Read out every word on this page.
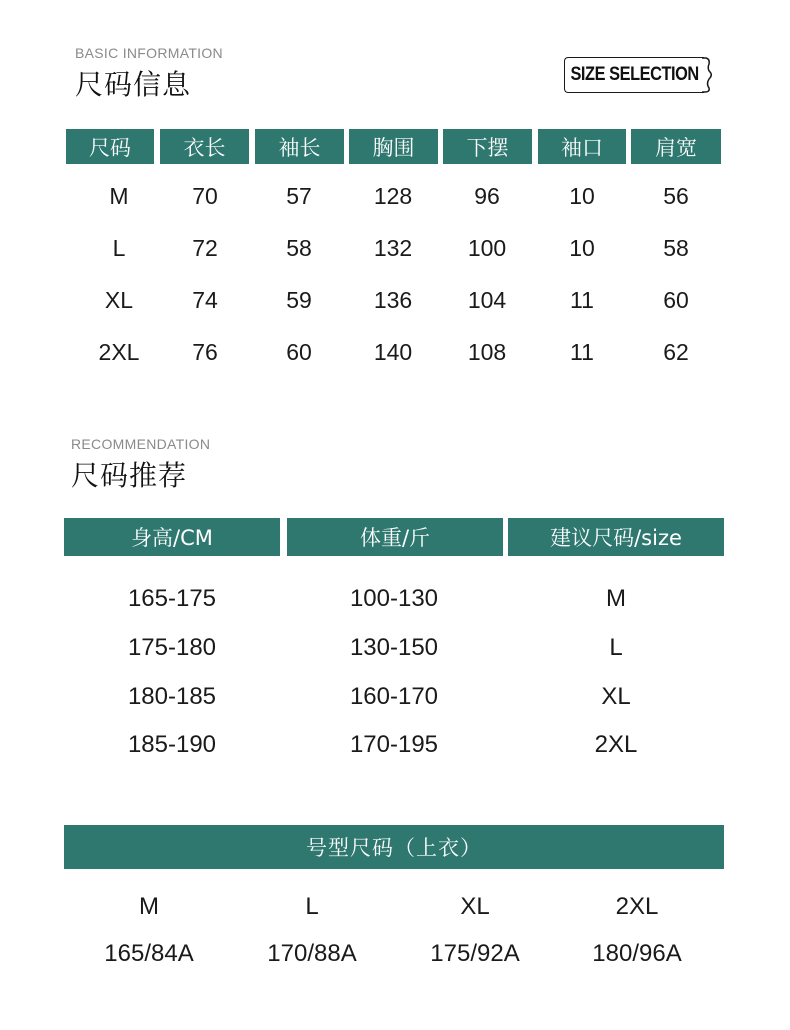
BASIC INFORMATION
尺码信息	SIZE SELECTION
尺码	衣长	袖长	胸围	下摆	袖口	肩宽
M	70	57	128	96	10	56
L	72	58	132	100	10	58
XL	74	59	136	104	11	60
2XL	76	60	140	108	11	62
RECOMMENDATION
尺码推荐
身高/CM	体重/斤	建议尺码/size
165-175	100-130	M
175-180	130-150	L
180-185	160-170	XL
185-190	170-195	2XL
号型尺码（上衣）
M	L	XL	2XL
165/84A	170/88A	175/92A	180/96A
